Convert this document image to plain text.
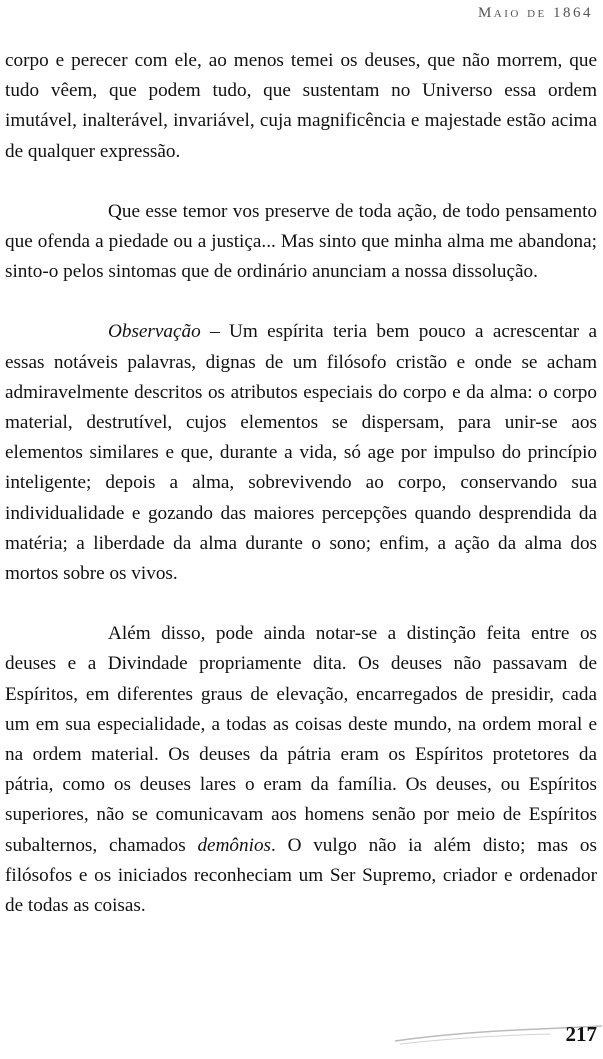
Maio de 1864

corpo e perecer com ele, ao menos temei os deuses, que não morrem, que tudo vêem, que podem tudo, que sustentam no Universo essa ordem imutável, inalterável, invariável, cuja magnificência e majestade estão acima de qualquer expressão.

Que esse temor vos preserve de toda ação, de todo pensamento que ofenda a piedade ou a justiça... Mas sinto que minha alma me abandona; sinto-o pelos sintomas que de ordinário anunciam a nossa dissolução.

Observação – Um espírita teria bem pouco a acrescentar a essas notáveis palavras, dignas de um filósofo cristão e onde se acham admiravelmente descritos os atributos especiais do corpo e da alma: o corpo material, destrutível, cujos elementos se dispersam, para unir-se aos elementos similares e que, durante a vida, só age por impulso do princípio inteligente; depois a alma, sobrevivendo ao corpo, conservando sua individualidade e gozando das maiores percepções quando desprendida da matéria; a liberdade da alma durante o sono; enfim, a ação da alma dos mortos sobre os vivos.

Além disso, pode ainda notar-se a distinção feita entre os deuses e a Divindade propriamente dita. Os deuses não passavam de Espíritos, em diferentes graus de elevação, encarregados de presidir, cada um em sua especialidade, a todas as coisas deste mundo, na ordem moral e na ordem material. Os deuses da pátria eram os Espíritos protetores da pátria, como os deuses lares o eram da família. Os deuses, ou Espíritos superiores, não se comunicavam aos homens senão por meio de Espíritos subalternos, chamados demônios. O vulgo não ia além disto; mas os filósofos e os iniciados reconheciam um Ser Supremo, criador e ordenador de todas as coisas.

217
